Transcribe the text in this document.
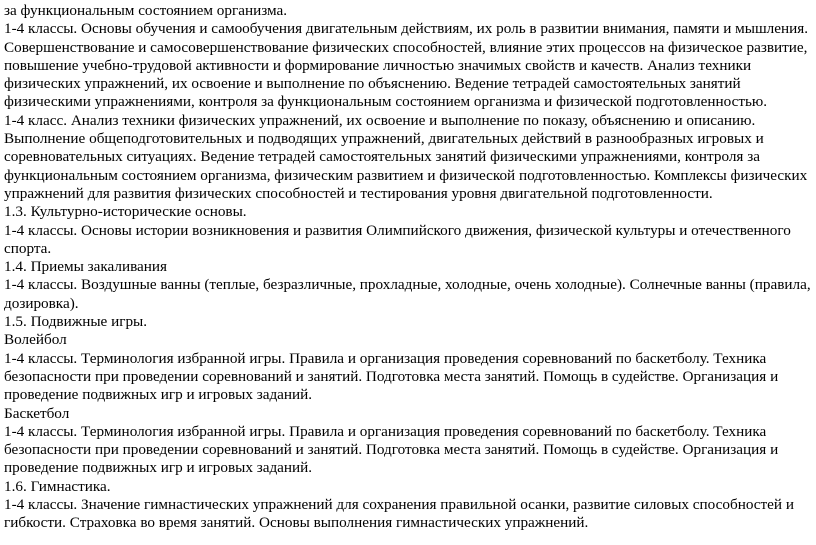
за функциональным состоянием организма.

1-4 классы. Основы обучения и самообучения двигательным действиям, их роль в развитии внимания, памяти и мышления. Совершенствование и самосовершенствование физических способностей, влияние этих процессов на физическое развитие, повышение учебно-трудовой активности и формирование личностью значимых свойств и качеств. Анализ техники физических упражнений, их освоение и выполнение по объяснению. Ведение тетрадей самостоятельных занятий физическими упражнениями, контроля за функциональным состоянием организма и физической подготовленностью.

1-4 класс. Анализ техники физических упражнений, их освоение и выполнение по показу, объяснению и описанию. Выполнение общеподготовительных и подводящих упражнений, двигательных действий в разнообразных игровых и соревновательных ситуациях. Ведение тетрадей самостоятельных занятий физическими упражнениями, контроля за функциональным состоянием организма, физическим развитием и физической подготовленностью. Комплексы физических упражнений для развития физических способностей и тестирования уровня двигательной подготовленности.

1.3. Культурно-исторические основы.

1-4 классы. Основы истории возникновения и развития Олимпийского движения, физической культуры и отечественного спорта.

1.4. Приемы закаливания

1-4 классы. Воздушные ванны (теплые, безразличные, прохладные, холодные, очень холодные). Солнечные ванны (правила, дозировка).

1.5. Подвижные игры.

Волейбол

1-4 классы. Терминология избранной игры. Правила и организация проведения соревнований по баскетболу. Техника безопасности при проведении соревнований и занятий. Подготовка места занятий. Помощь в судействе. Организация и проведение подвижных игр и игровых заданий.

Баскетбол

1-4 классы. Терминология избранной игры. Правила и организация проведения соревнований по баскетболу. Техника безопасности при проведении соревнований и занятий. Подготовка места занятий. Помощь в судействе. Организация и проведение подвижных игр и игровых заданий.

1.6. Гимнастика.

1-4 классы. Значение гимнастических упражнений для сохранения правильной осанки, развитие силовых способностей и гибкости. Страховка во время занятий. Основы выполнения гимнастических упражнений.
